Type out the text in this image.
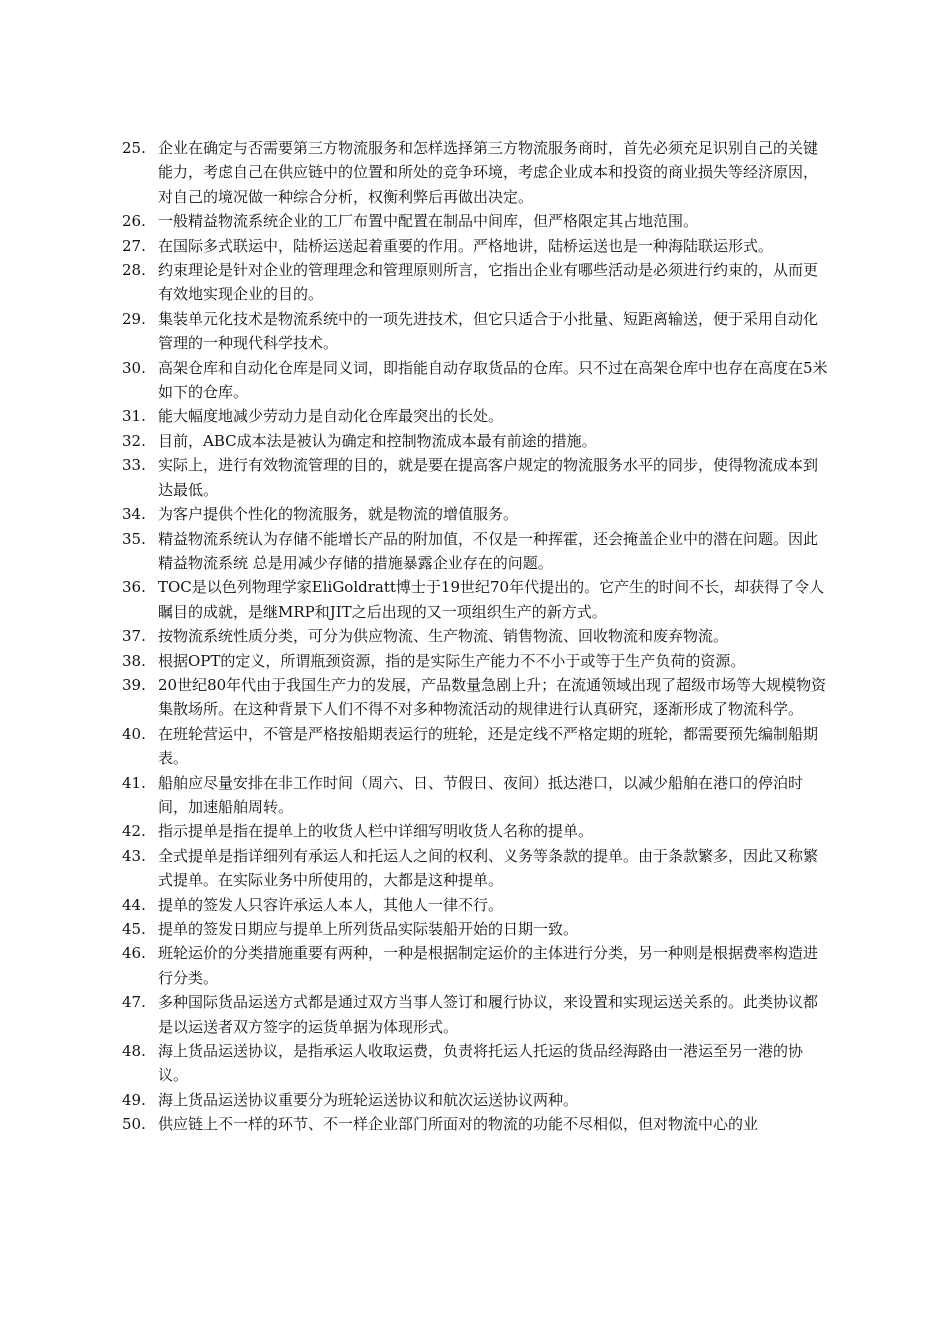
25. 企业在确定与否需要第三方物流服务和怎样选择第三方物流服务商时，首先必须充足识别自己的关键能力，考虑自己在供应链中的位置和所处的竞争环境，考虑企业成本和投资的商业损失等经济原因，对自己的境况做一种综合分析，权衡利弊后再做出决定。
26. 一般精益物流系统企业的工厂布置中配置在制品中间库，但严格限定其占地范围。
27. 在国际多式联运中，陆桥运送起着重要的作用。严格地讲，陆桥运送也是一种海陆联运形式。
28. 约束理论是针对企业的管理理念和管理原则所言，它指出企业有哪些活动是必须进行约束的，从而更有效地实现企业的目的。
29. 集装单元化技术是物流系统中的一项先进技术，但它只适合于小批量、短距离输送，便于采用自动化管理的一种现代科学技术。
30. 高架仓库和自动化仓库是同义词，即指能自动存取货品的仓库。只不过在高架仓库中也存在高度在5米如下的仓库。
31. 能大幅度地减少劳动力是自动化仓库最突出的长处。
32. 目前，ABC成本法是被认为确定和控制物流成本最有前途的措施。
33. 实际上，进行有效物流管理的目的，就是要在提高客户规定的物流服务水平的同步，使得物流成本到达最低。
34. 为客户提供个性化的物流服务，就是物流的增值服务。
35. 精益物流系统认为存储不能增长产品的附加值，不仅是一种挥霍，还会掩盖企业中的潜在问题。因此精益物流系统 总是用减少存储的措施暴露企业存在的问题。
36. TOC是以色列物理学家EliGoldratt博士于19世纪70年代提出的。它产生的时间不长，却获得了令人瞩目的成就，是继MRP和JIT之后出现的又一项组织生产的新方式。
37. 按物流系统性质分类，可分为供应物流、生产物流、销售物流、回收物流和废弃物流。
38. 根据OPT的定义，所谓瓶颈资源，指的是实际生产能力不不小于或等于生产负荷的资源。
39. 20世纪80年代由于我国生产力的发展，产品数量急剧上升；在流通领域出现了超级市场等大规模物资集散场所。在这种背景下人们不得不对多种物流活动的规律进行认真研究，逐渐形成了物流科学。
40. 在班轮营运中，不管是严格按船期表运行的班轮，还是定线不严格定期的班轮，都需要预先编制船期表。
41. 船舶应尽量安排在非工作时间（周六、日、节假日、夜间）抵达港口，以减少船舶在港口的停泊时间，加速船舶周转。
42. 指示提单是指在提单上的收货人栏中详细写明收货人名称的提单。
43. 全式提单是指详细列有承运人和托运人之间的权利、义务等条款的提单。由于条款繁多，因此又称繁式提单。在实际业务中所使用的，大都是这种提单。
44. 提单的签发人只容许承运人本人，其他人一律不行。
45. 提单的签发日期应与提单上所列货品实际装船开始的日期一致。
46. 班轮运价的分类措施重要有两种，一种是根据制定运价的主体进行分类，另一种则是根据费率构造进行分类。
47. 多种国际货品运送方式都是通过双方当事人签订和履行协议，来设置和实现运送关系的。此类协议都是以运送者双方签字的运货单据为体现形式。
48. 海上货品运送协议，是指承运人收取运费，负责将托运人托运的货品经海路由一港运至另一港的协议。
49. 海上货品运送协议重要分为班轮运送协议和航次运送协议两种。
50. 供应链上不一样的环节、不一样企业部门所面对的物流的功能不尽相似，但对物流中心的业
